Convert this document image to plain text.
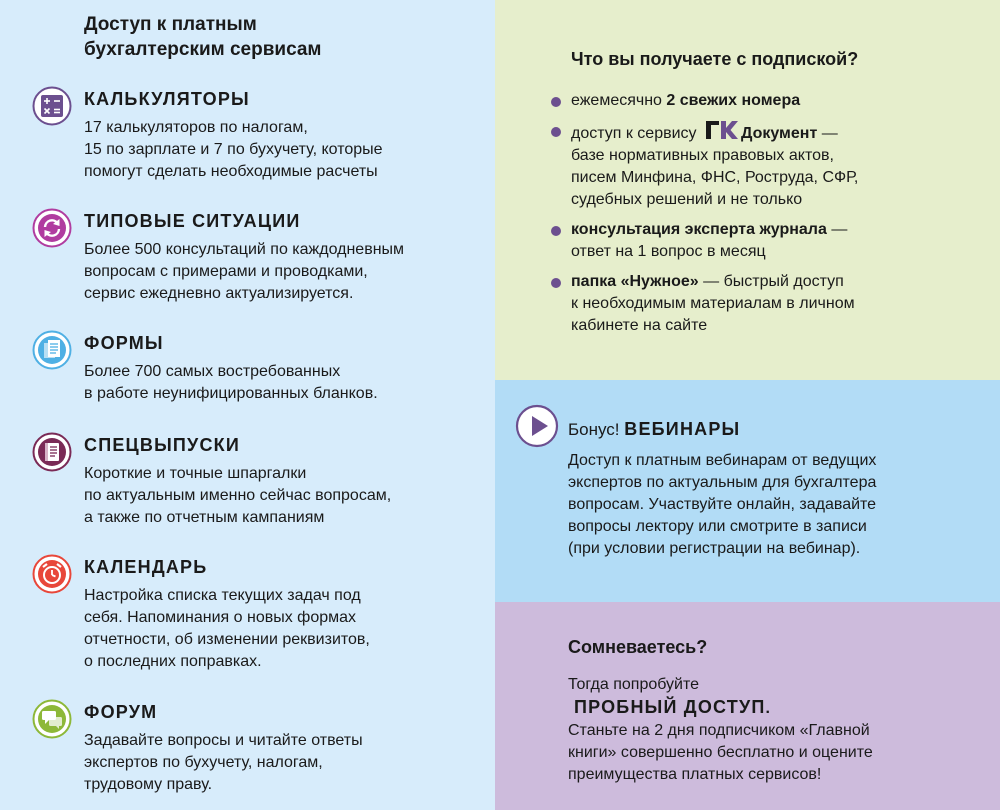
Доступ к платным
бухгалтерским сервисам
КАЛЬКУЛЯТОРЫ
17 калькуляторов по налогам,
15 по зарплате и 7 по бухучету, которые
помогут сделать необходимые расчеты
ТИПОВЫЕ СИТУАЦИИ
Более 500 консультаций по каждодневным
вопросам с примерами и проводками,
сервис ежедневно актуализируется.
ФОРМЫ
Более 700 самых востребованных
в работе неунифицированных бланков.
СПЕЦВЫПУСКИ
Короткие и точные шпаргалки
по актуальным именно сейчас вопросам,
а также по отчетным кампаниям
КАЛЕНДАРЬ
Настройка списка текущих задач под
себя. Напоминания о новых формах
отчетности, об изменении реквизитов,
о последних поправках.
ФОРУМ
Задавайте вопросы и читайте ответы
экспертов по бухучету, налогам,
трудовому праву.
Что вы получаете с подпиской?
ежемесячно 2 свежих номера
доступ к сервису	Документ —
базе нормативных правовых актов,
писем Минфина, ФНС, Роструда, СФР,
судебных решений и не только
консультация эксперта журнала —
ответ на 1 вопрос в месяц
папка «Нужное» — быстрый доступ
к необходимым материалам в личном
кабинете на сайте
Бонус! ВЕБИНАРЫ
Доступ к платным вебинарам от ведущих
экспертов по актуальным для бухгалтера
вопросам. Участвуйте онлайн, задавайте
вопросы лектору или смотрите в записи
(при условии регистрации на вебинар).
Сомневаетесь?
Тогда попробуйте
ПРОБНЫЙ ДОСТУП.
Станьте на 2 дня подписчиком «Главной
книги» совершенно бесплатно и оцените
преимущества платных сервисов!
